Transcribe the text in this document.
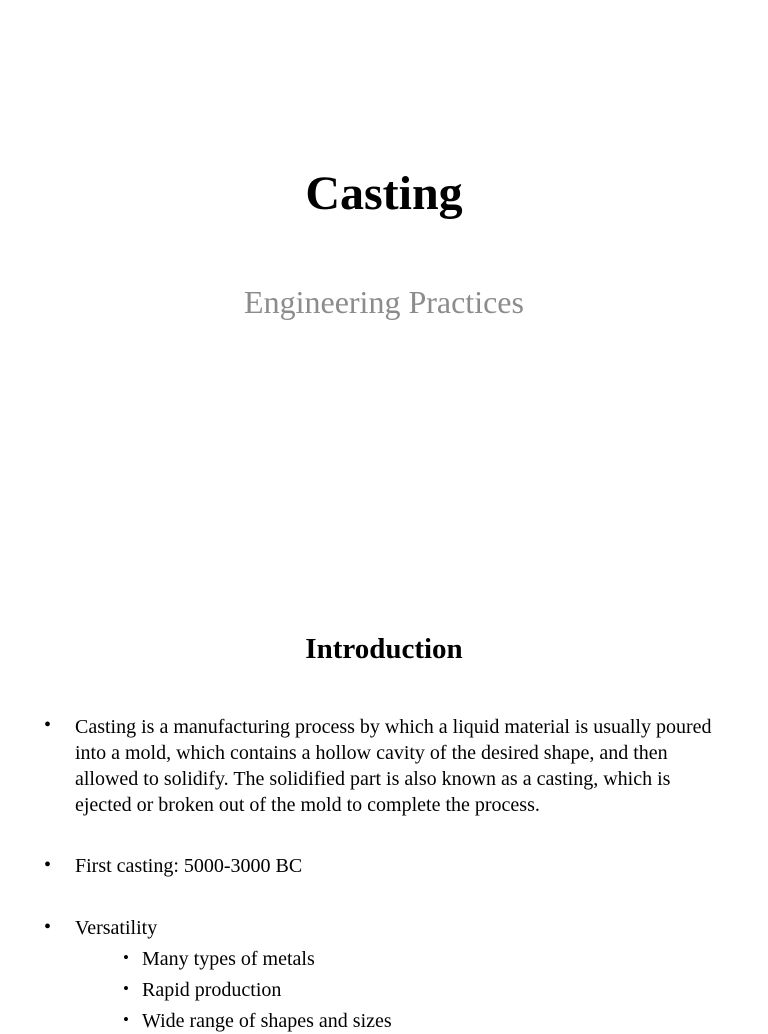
Casting
Engineering Practices
Introduction
• Casting is a manufacturing process by which a liquid material is usually poured into a mold, which contains a hollow cavity of the desired shape, and then allowed to solidify. The solidified part is also known as a casting, which is ejected or broken out of the mold to complete the process.
• First casting: 5000-3000 BC
• Versatility
• Many types of metals
• Rapid production
• Wide range of shapes and sizes
